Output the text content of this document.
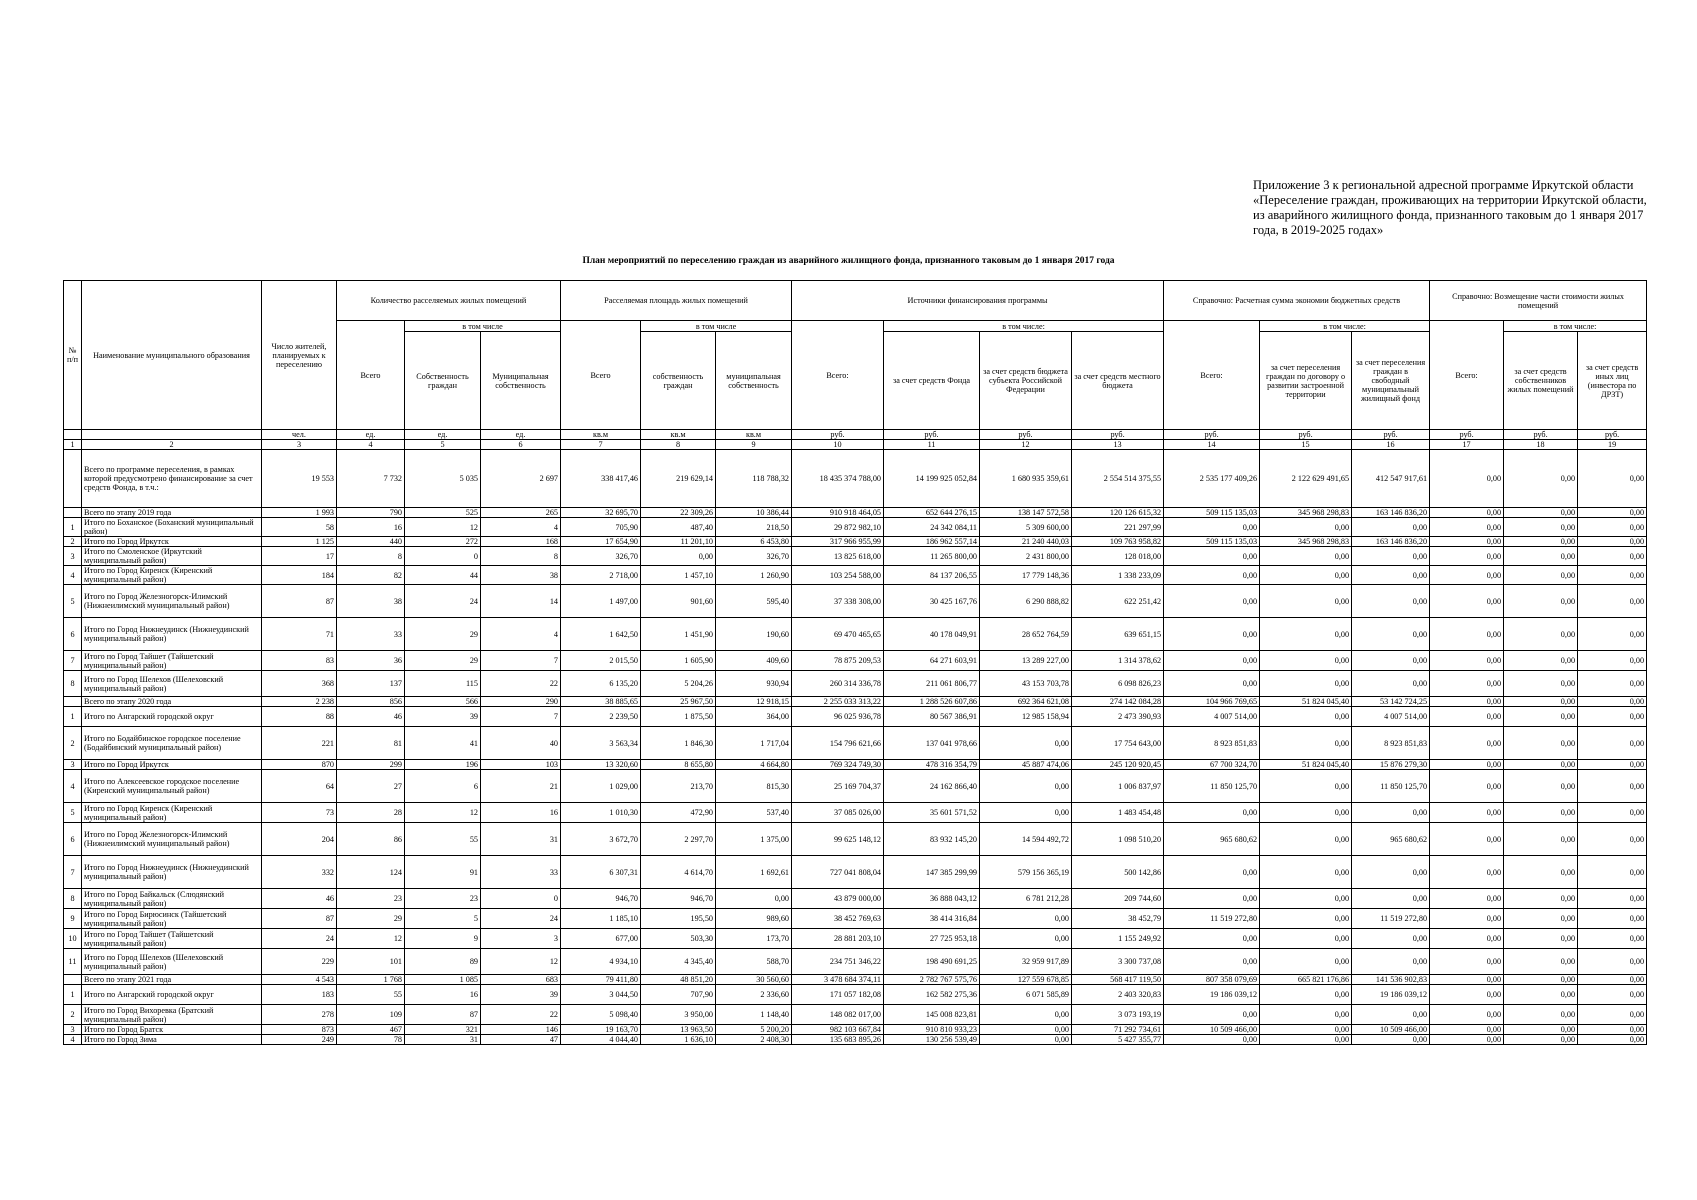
Приложение 3 к региональной адресной программе Иркутской области «Переселение граждан, проживающих на территории Иркутской области, из аварийного жилищного фонда, признанного таковым до 1 января 2017 года, в 2019-2025 годах»
План мероприятий по переселению граждан из аварийного жилищного фонда, признанного таковым до 1 января 2017 года
№ п/п	Наименование муниципального образования	Число жителей, планируемых к переселению	Количество расселяемых жилых помещений			Расселяемая площадь жилых помещений			Источники финансирования программы				Справочно: Расчетная сумма экономии бюджетных средств			Справочно: Возмещение части стоимости жилых помещений		
			Всего	в том числе		Всего	в том числе		Всего:	в том числе:			Всего:	в том числе:		Всего:	в том числе:	
				Собственность граждан	Муниципальная собственность		собственность граждан	муниципальная собственность		за счет средств Фонда	за счет средств бюджета субъекта Российской Федерации	за счет средств местного бюджета		за счет переселения граждан по договору о развитии застроенной территории	за счет переселения граждан в свободный муниципальный жилищный фонд		за счет средств собственников жилых помещений	за счет средств иных лиц (инвестора по ДРЗТ)
		чел.	ед.	ед.	ед.	кв.м	кв.м	кв.м	руб.	руб.	руб.	руб.	руб.	руб.	руб.	руб.	руб.	руб.
1	2	3	4	5	6	7	8	9	10	11	12	13	14	15	16	17	18	19
	Всего по программе переселения, в рамках которой предусмотрено финансирование за счет средств Фонда, в т.ч.:	19 553	7 732	5 035	2 697	338 417,46	219 629,14	118 788,32	18 435 374 788,00	14 199 925 052,84	1 680 935 359,61	2 554 514 375,55	2 535 177 409,26	2 122 629 491,65	412 547 917,61	0,00	0,00	0,00
	Всего по этапу 2019 года	1 993	790	525	265	32 695,70	22 309,26	10 386,44	910 918 464,05	652 644 276,15	138 147 572,58	120 126 615,32	509 115 135,03	345 968 298,83	163 146 836,20	0,00	0,00	0,00
1	Итого по Боханское (Боханский муниципальный район)	58	16	12	4	705,90	487,40	218,50	29 872 982,10	24 342 084,11	5 309 600,00	221 297,99	0,00	0,00	0,00	0,00	0,00	0,00
2	Итого по Город Иркутск	1 125	440	272	168	17 654,90	11 201,10	6 453,80	317 966 955,99	186 962 557,14	21 240 440,03	109 763 958,82	509 115 135,03	345 968 298,83	163 146 836,20	0,00	0,00	0,00
3	Итого по Смоленское (Иркутский муниципальный район)	17	8	0	8	326,70	0,00	326,70	13 825 618,00	11 265 800,00	2 431 800,00	128 018,00	0,00	0,00	0,00	0,00	0,00	0,00
4	Итого по Город Киренск (Киренский муниципальный район)	184	82	44	38	2 718,00	1 457,10	1 260,90	103 254 588,00	84 137 206,55	17 779 148,36	1 338 233,09	0,00	0,00	0,00	0,00	0,00	0,00
5	Итого по Город Железногорск-Илимский (Нижнеилимский муниципальный район)	87	38	24	14	1 497,00	901,60	595,40	37 338 308,00	30 425 167,76	6 290 888,82	622 251,42	0,00	0,00	0,00	0,00	0,00	0,00
6	Итого по Город Нижнеудинск (Нижнеудинский муниципальный район)	71	33	29	4	1 642,50	1 451,90	190,60	69 470 465,65	40 178 049,91	28 652 764,59	639 651,15	0,00	0,00	0,00	0,00	0,00	0,00
7	Итого по Город Тайшет (Тайшетский муниципальный район)	83	36	29	7	2 015,50	1 605,90	409,60	78 875 209,53	64 271 603,91	13 289 227,00	1 314 378,62	0,00	0,00	0,00	0,00	0,00	0,00
8	Итого по Город Шелехов (Шелеховский муниципальный район)	368	137	115	22	6 135,20	5 204,26	930,94	260 314 336,78	211 061 806,77	43 153 703,78	6 098 826,23	0,00	0,00	0,00	0,00	0,00	0,00
	Всего по этапу 2020 года	2 238	856	566	290	38 885,65	25 967,50	12 918,15	2 255 033 313,22	1 288 526 607,86	692 364 621,08	274 142 084,28	104 966 769,65	51 824 045,40	53 142 724,25	0,00	0,00	0,00
1	Итого по Ангарский городской округ	88	46	39	7	2 239,50	1 875,50	364,00	96 025 936,78	80 567 386,91	12 985 158,94	2 473 390,93	4 007 514,00	0,00	4 007 514,00	0,00	0,00	0,00
2	Итого по Бодайбинское городское поселение (Бодайбинский муниципальный район)	221	81	41	40	3 563,34	1 846,30	1 717,04	154 796 621,66	137 041 978,66	0,00	17 754 643,00	8 923 851,83	0,00	8 923 851,83	0,00	0,00	0,00
3	Итого по Город Иркутск	870	299	196	103	13 320,60	8 655,80	4 664,80	769 324 749,30	478 316 354,79	45 887 474,06	245 120 920,45	67 700 324,70	51 824 045,40	15 876 279,30	0,00	0,00	0,00
4	Итого по Алексеевское городское поселение (Киренский муниципальный район)	64	27	6	21	1 029,00	213,70	815,30	25 169 704,37	24 162 866,40	0,00	1 006 837,97	11 850 125,70	0,00	11 850 125,70	0,00	0,00	0,00
5	Итого по Город Киренск (Киренский муниципальный район)	73	28	12	16	1 010,30	472,90	537,40	37 085 026,00	35 601 571,52	0,00	1 483 454,48	0,00	0,00	0,00	0,00	0,00	0,00
6	Итого по Город Железногорск-Илимский (Нижнеилимский муниципальный район)	204	86	55	31	3 672,70	2 297,70	1 375,00	99 625 148,12	83 932 145,20	14 594 492,72	1 098 510,20	965 680,62	0,00	965 680,62	0,00	0,00	0,00
7	Итого по Город Нижнеудинск (Нижнеудинский муниципальный район)	332	124	91	33	6 307,31	4 614,70	1 692,61	727 041 808,04	147 385 299,99	579 156 365,19	500 142,86	0,00	0,00	0,00	0,00	0,00	0,00
8	Итого по Город Байкальск (Слюдянский муниципальный район)	46	23	23	0	946,70	946,70	0,00	43 879 000,00	36 888 043,12	6 781 212,28	209 744,60	0,00	0,00	0,00	0,00	0,00	0,00
9	Итого по Город Бирюсинск (Тайшетский муниципальный район)	87	29	5	24	1 185,10	195,50	989,60	38 452 769,63	38 414 316,84	0,00	38 452,79	11 519 272,80	0,00	11 519 272,80	0,00	0,00	0,00
10	Итого по Город Тайшет (Тайшетский муниципальный район)	24	12	9	3	677,00	503,30	173,70	28 881 203,10	27 725 953,18	0,00	1 155 249,92	0,00	0,00	0,00	0,00	0,00	0,00
11	Итого по Город Шелехов (Шелеховский муниципальный район)	229	101	89	12	4 934,10	4 345,40	588,70	234 751 346,22	198 490 691,25	32 959 917,89	3 300 737,08	0,00	0,00	0,00	0,00	0,00	0,00
	Всего по этапу 2021 года	4 543	1 768	1 085	683	79 411,80	48 851,20	30 560,60	3 478 684 374,11	2 782 767 575,76	127 559 678,85	568 417 119,50	807 358 079,69	665 821 176,86	141 536 902,83	0,00	0,00	0,00
1	Итого по Ангарский городской округ	183	55	16	39	3 044,50	707,90	2 336,60	171 057 182,08	162 582 275,36	6 071 585,89	2 403 320,83	19 186 039,12	0,00	19 186 039,12	0,00	0,00	0,00
2	Итого по Город Вихоревка (Братский муниципальный район)	278	109	87	22	5 098,40	3 950,00	1 148,40	148 082 017,00	145 008 823,81	0,00	3 073 193,19	0,00	0,00	0,00	0,00	0,00	0,00
3	Итого по Город Братск	873	467	321	146	19 163,70	13 963,50	5 200,20	982 103 667,84	910 810 933,23	0,00	71 292 734,61	10 509 466,00	0,00	10 509 466,00	0,00	0,00	0,00
4	Итого по Город Зима	249	78	31	47	4 044,40	1 636,10	2 408,30	135 683 895,26	130 256 539,49	0,00	5 427 355,77	0,00	0,00	0,00	0,00	0,00	0,00
